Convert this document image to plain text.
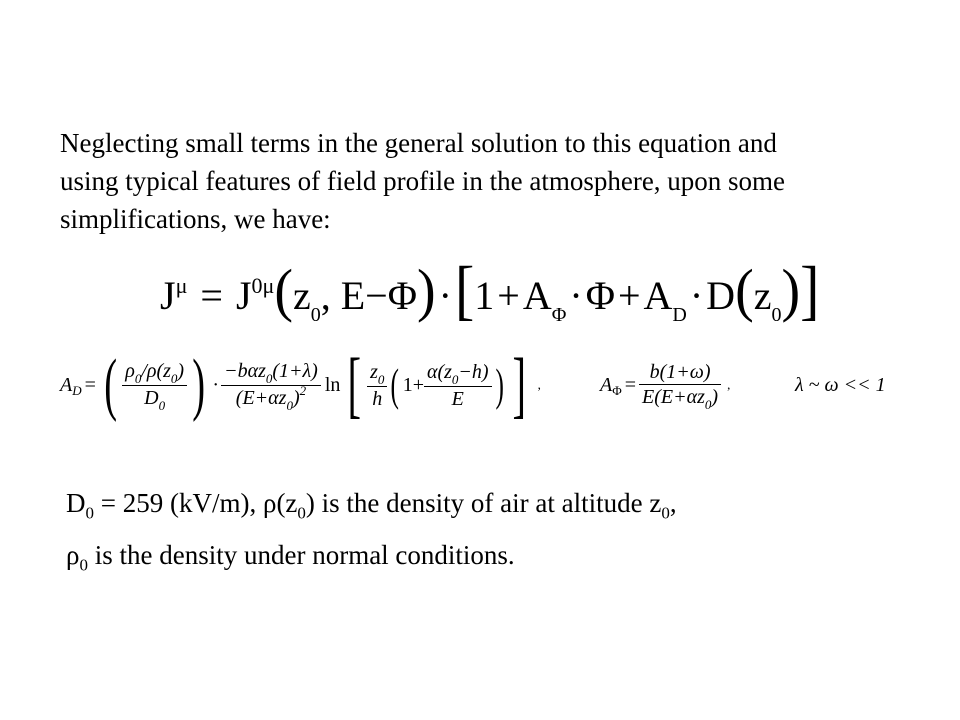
Neglecting small terms in the general solution to this equation and
using typical features of field profile in the atmosphere, upon some
simplifications, we have:
$J^\mu = J^{0\mu}(z_0$, $E-\Phi)\cdot[1+A_\Phi\cdot\Phi+A_D\cdot D(z_0)]$
A D = ( $\frac{\rho_0/\rho(z_0)}{D_0}$ ) · $\frac{-b\alpha z_0(1+\lambda)}{(E+\alpha z_0)^2}$ ln [ $\frac{z_0}{h}$ ( $1+ \frac{\alpha(z_0-h)}{E}$ ) ] ,	A $\Phi = \frac{b(1+\omega)}{E(E+\alpha z_0)}$ ,	λ ~ ω << 1
$D_0 = 259$ (kV/m), $\rho(z_0)$ is the density of air at altitude $z_0$,
$\rho_0$ is the density under normal conditions.
